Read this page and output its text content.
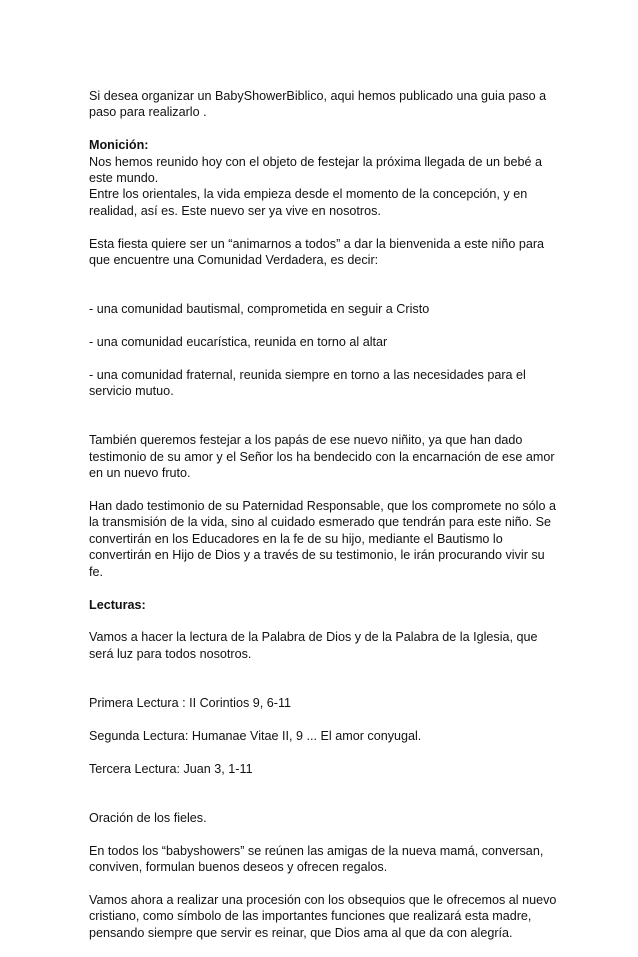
Si desea organizar un BabyShowerBiblico, aqui hemos publicado una guia paso a paso para realizarlo .

Monición:

Nos hemos reunido hoy con el objeto de festejar la próxima llegada de un bebé a este mundo.
Entre los orientales, la vida empieza desde el momento de la concepción, y en realidad, así es. Este nuevo ser ya vive en nosotros.

Esta fiesta quiere ser un “animarnos a todos” a dar la bienvenida a este niño para que encuentre una Comunidad Verdadera, es decir:

- una comunidad bautismal, comprometida en seguir a Cristo

- una comunidad eucarística, reunida en torno al altar

- una comunidad fraternal, reunida siempre en torno a las necesidades para el servicio mutuo.

También queremos festejar a los papás de ese nuevo niñito, ya que han dado testimonio de su amor y el Señor los ha bendecido con la encarnación de ese amor en un nuevo fruto.

Han dado testimonio de su Paternidad Responsable, que los compromete no sólo a la transmisión de la vida, sino al cuidado esmerado que tendrán para este niño. Se convertirán en los Educadores en la fe de su hijo, mediante el Bautismo lo convertirán en Hijo de Dios y a través de su testimonio, le irán procurando vivir su fe.

Lecturas:

Vamos a hacer la lectura de la Palabra de Dios y de la Palabra de la Iglesia, que será luz para todos nosotros.

Primera Lectura : II Corintios 9, 6-11

Segunda Lectura: Humanae Vitae II, 9 ... El amor conyugal.

Tercera Lectura: Juan 3, 1-11

Oración de los fieles.

En todos los “babyshowers” se reúnen las amigas de la nueva mamá, conversan, conviven, formulan buenos deseos y ofrecen regalos.

Vamos ahora a realizar una procesión con los obsequios que le ofrecemos al nuevo cristiano, como símbolo de las importantes funciones que realizará esta madre, pensando siempre que servir es reinar, que Dios ama al que da con alegría.
